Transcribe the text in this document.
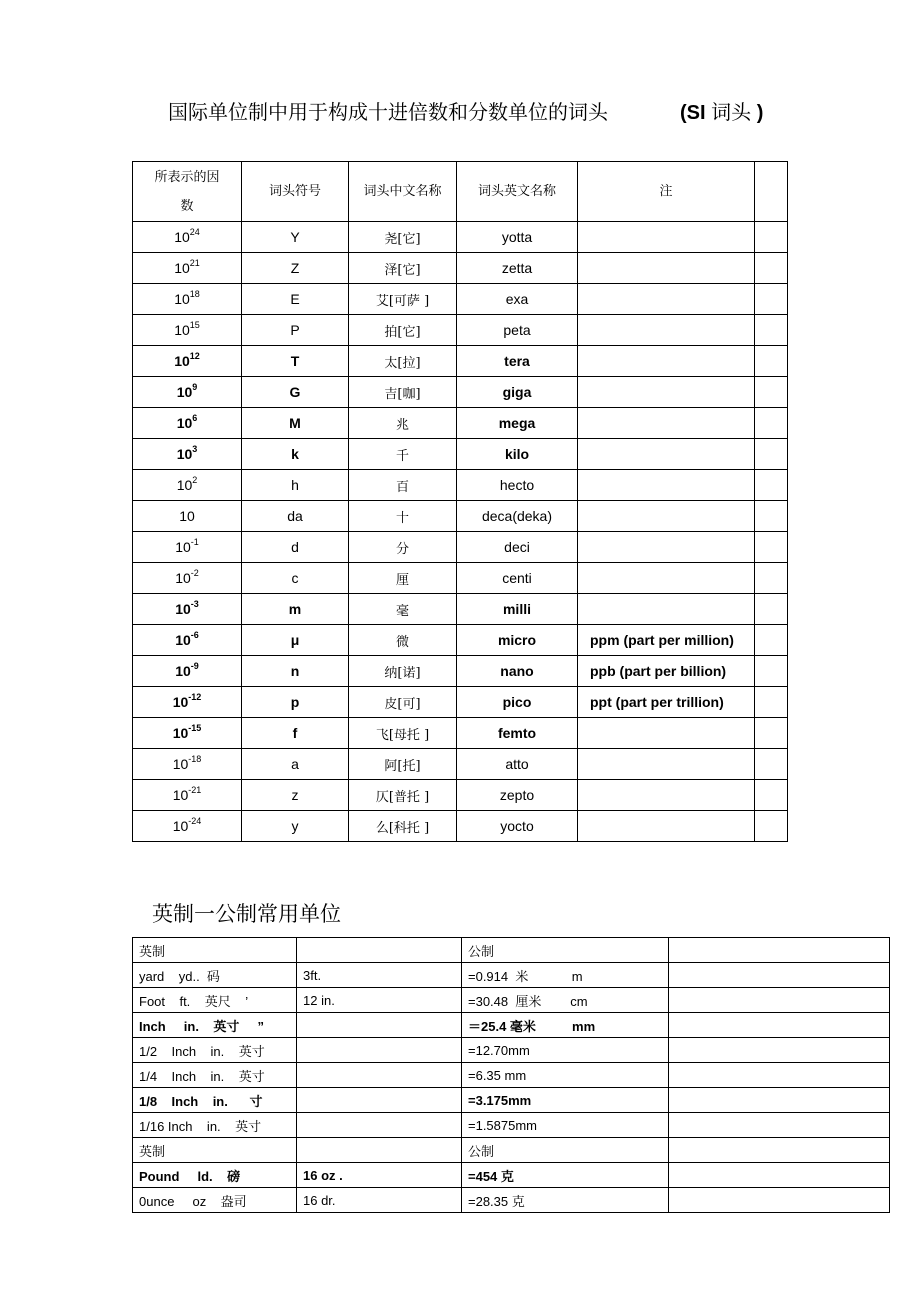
国际单位制中用于构成十进倍数和分数单位的词头	(SI 词头 )
所表示的因数	词头符号	词头中文名称	词头英文名称	注	
$10^{24}$	Y	尧[它]	yotta		
$10^{21}$	Z	泽[它]	zetta		
$10^{18}$	E	艾[可萨 ]	exa		
$10^{15}$	P	拍[它]	peta		
$10^{12}$	T	太[拉]	tera		
$10^9$	G	吉[咖]	giga		
$10^6$	M	兆	mega		
$10^3$	k	千	kilo		
$10^2$	h	百	hecto		
10	da	十	deca(deka)		
$10^{-1}$	d	分	deci		
$10^{-2}$	c	厘	centi		
$10^{-3}$	m	毫	milli		
$10^{-6}$	μ	微	micro	ppm (part per million)	
$10^{-9}$	n	纳[诺]	nano	ppb (part per billion)	
$10^{-12}$	p	皮[可]	pico	ppt (part per trillion)	
$10^{-15}$	f	飞[母托 ]	femto		
$10^{-18}$	a	阿[托]	atto		
$10^{-21}$	z	仄[普托 ]	zepto		
$10^{-24}$	y	么[科托 ]	yocto		
英制一公制常用单位
英制		公制	
yard    yd..  码	3ft.	=0.914  米            m	
Foot    ft.    英尺    ’	12 in.	=30.48  厘米        cm	
Inch     in.    英寸     ”		＝25.4 毫米          mm	
1/2    Inch    in.    英寸		=12.70mm	
1/4    Inch    in.    英寸		=6.35 mm	
1/8    Inch    in.      寸		=3.175mm	
1/16 Inch    in.    英寸		=1.5875mm	
英制		公制	
Pound     ld.    磅	16 oz .	=454 克	
0unce     oz    盎司	16 dr.	=28.35 克	
